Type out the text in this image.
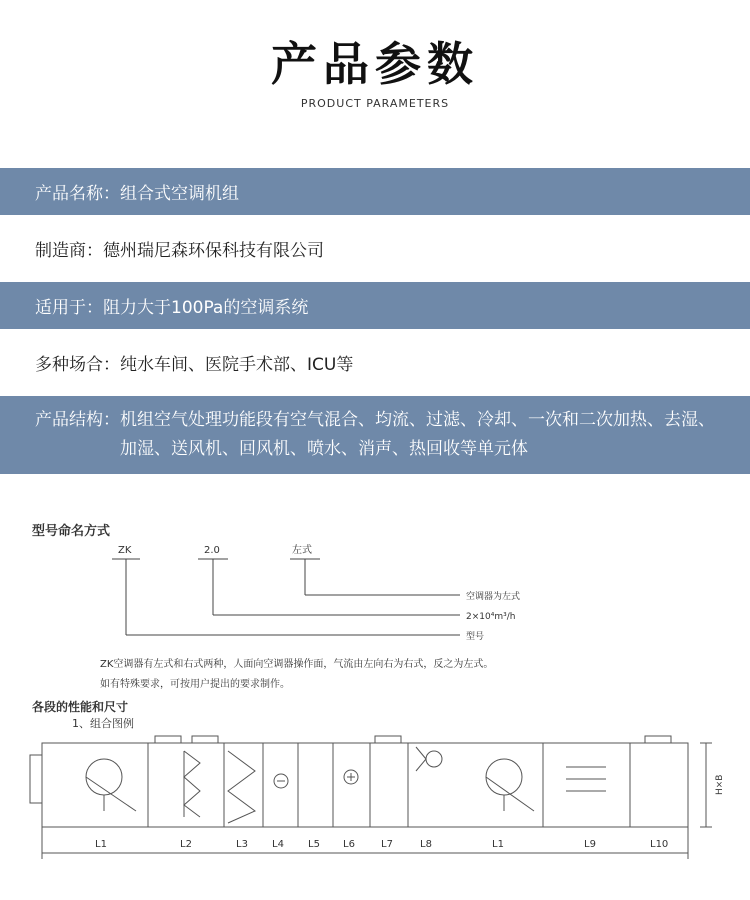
产品参数
PRODUCT PARAMETERS
产品名称： 组合式空调机组
制造商： 德州瑞尼森环保科技有限公司
适用于： 阻力大于100Pa的空调系统
多种场合： 纯水车间、医院手术部、ICU等
产品结构： 机组空气处理功能段有空气混合、均流、过滤、冷却、一次和二次加热、去湿、加湿、送风机、回风机、喷水、消声、热回收等单元体
型号命名方式
ZK	2.0	左式
空调器为左式
2×10⁴m³/h
型号
ZK空调器有左式和右式两种，人面向空调器操作面，气流由左向右为右式，反之为左式。
如有特殊要求，可按用户提出的要求制作。
各段的性能和尺寸
1、组合图例
H×B
L1	L2	L3 L4 L5 L6	L7	L8	L1	L9	L10
